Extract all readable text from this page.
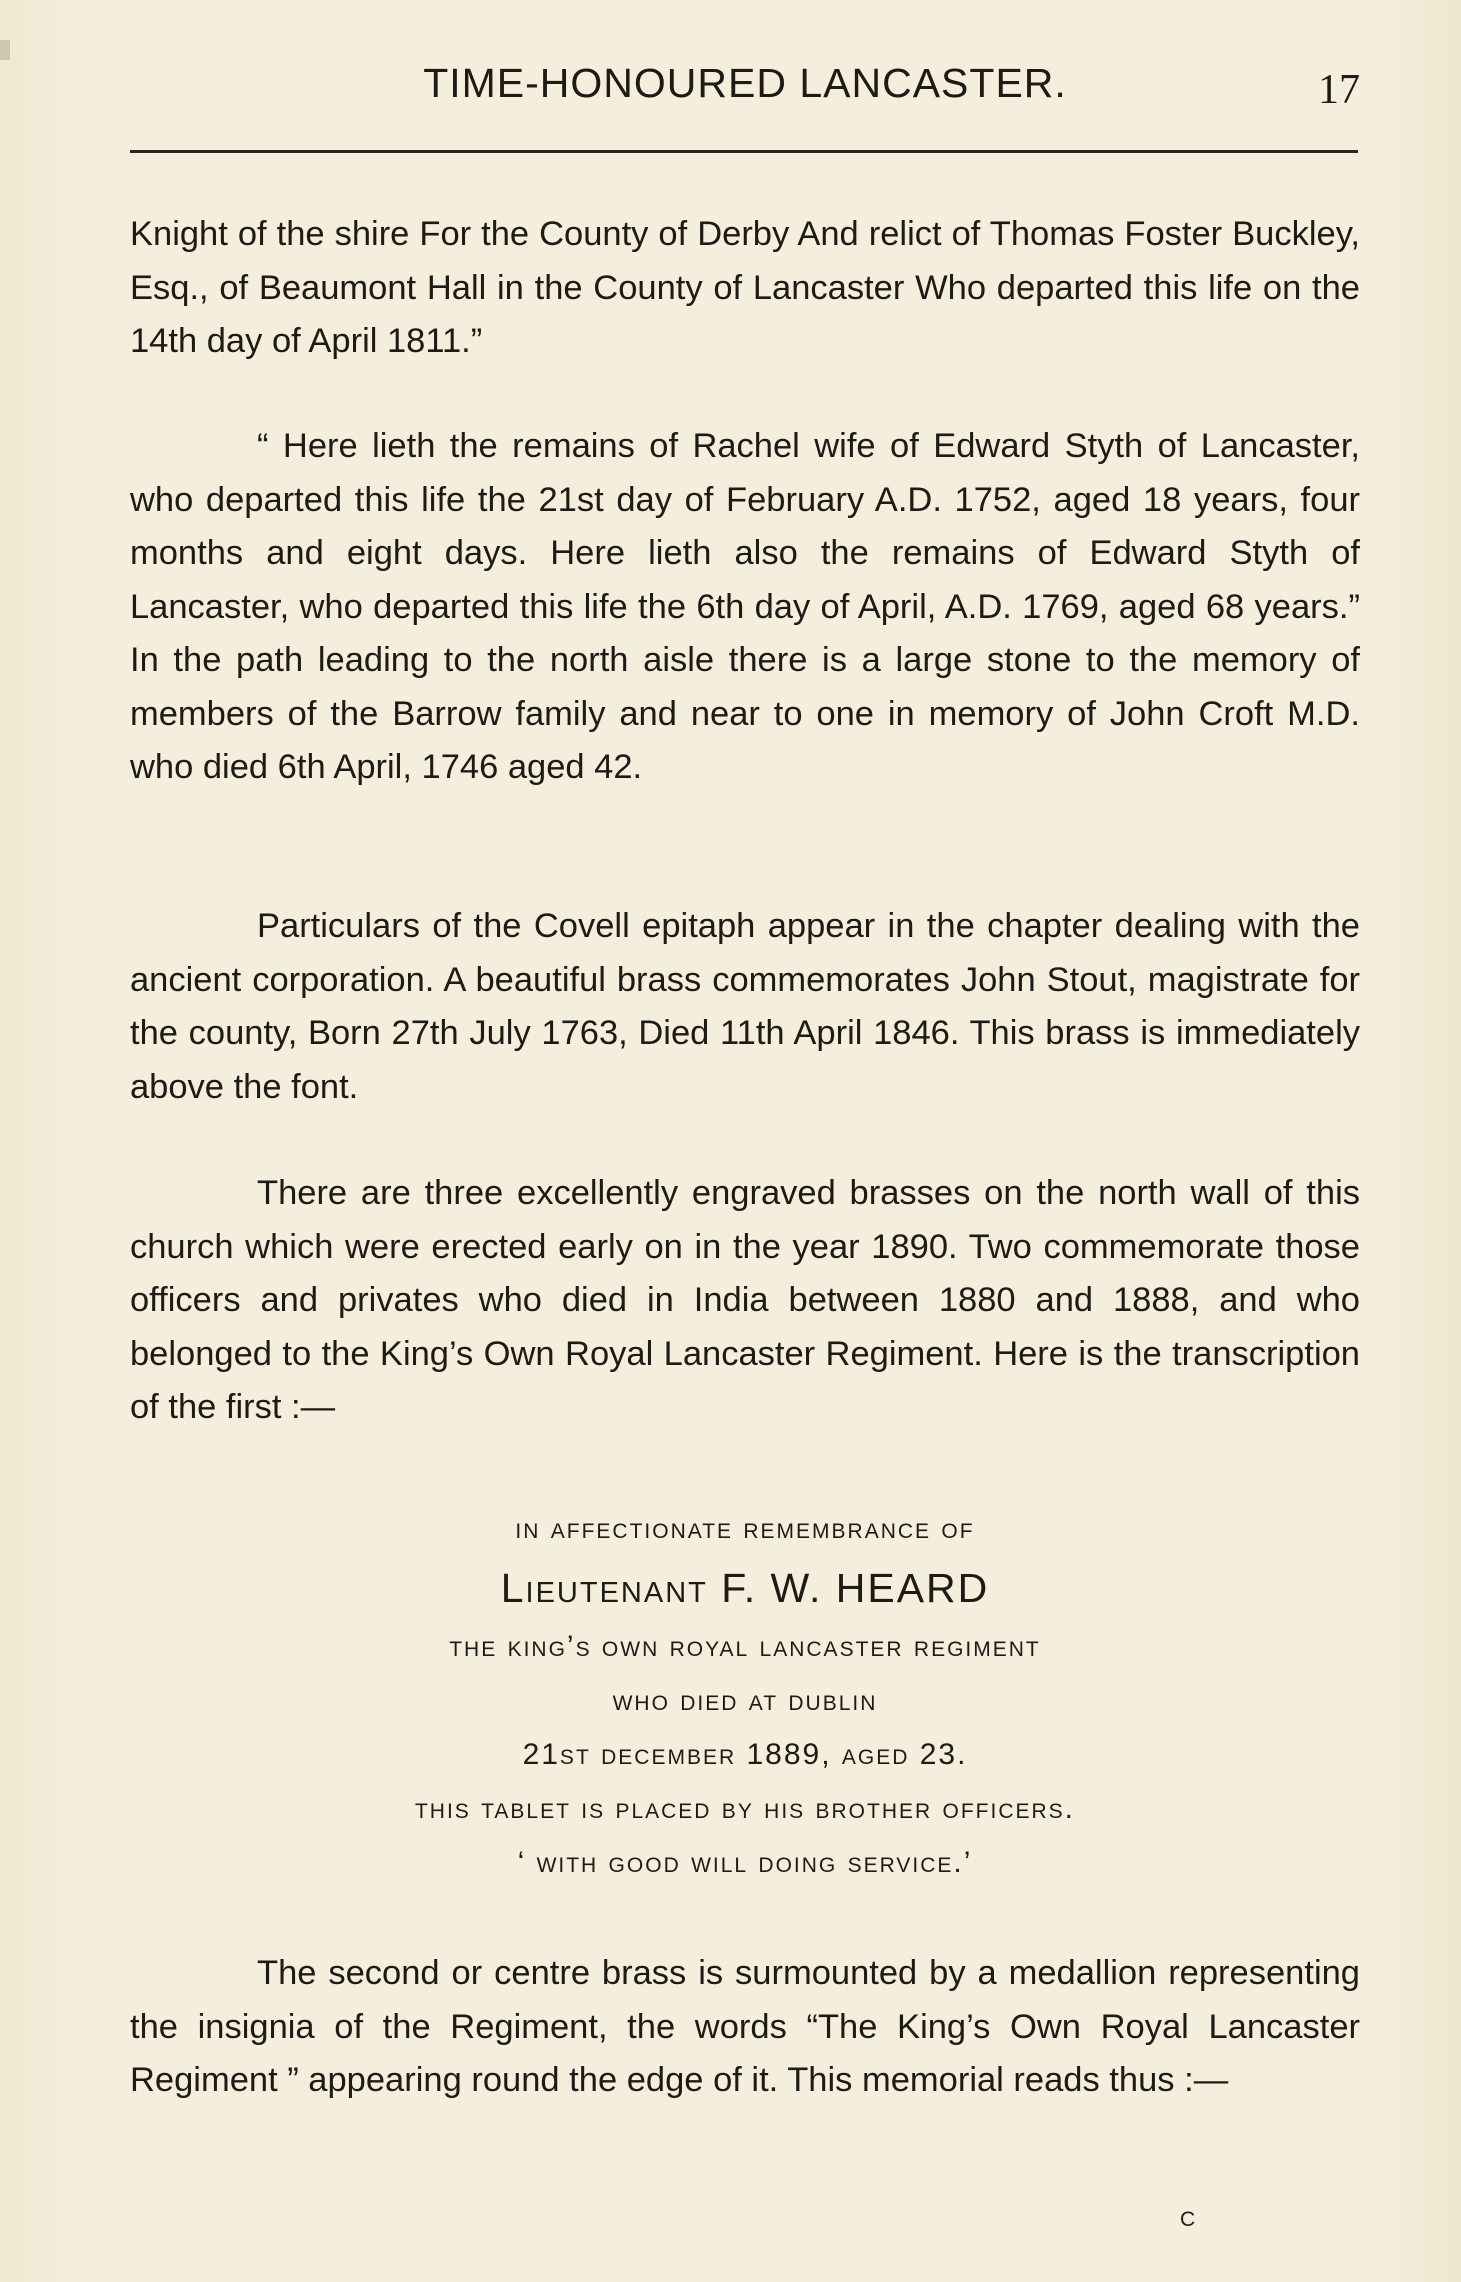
TIME-HONOURED LANCASTER.	17

Knight of the shire For the County of Derby And relict of Thomas Foster Buckley, Esq., of Beaumont Hall in the County of Lancaster Who departed this life on the 14th day of April 1811.”

“ Here lieth the remains of Rachel wife of Edward Styth of Lancaster, who departed this life the 21st day of February A.D. 1752, aged 18 years, four months and eight days. Here lieth also the remains of Edward Styth of Lancaster, who departed this life the 6th day of April, A.D. 1769, aged 68 years.” In the path leading to the north aisle there is a large stone to the memory of members of the Barrow family and near to one in memory of John Croft M.D. who died 6th April, 1746 aged 42.

Particulars of the Covell epitaph appear in the chapter dealing with the ancient corporation. A beautiful brass commemorates John Stout, magistrate for the county, Born 27th July 1763, Died 11th April 1846. This brass is immediately above the font.

There are three excellently engraved brasses on the north wall of this church which were erected early on in the year 1890. Two commemorate those officers and privates who died in India between 1880 and 1888, and who belonged to the King’s Own Royal Lancaster Regiment. Here is the transcription of the first :—

in affectionate remembrance of
Lieutenant F. W. HEARD
the king’s own royal lancaster regiment
who died at dublin
21st december 1889, aged 23.
this tablet is placed by his brother officers.
‘ with good will doing service.’

The second or centre brass is surmounted by a medallion representing the insignia of the Regiment, the words “The King’s Own Royal Lancaster Regiment ” appearing round the edge of it. This memorial reads thus :—

c
